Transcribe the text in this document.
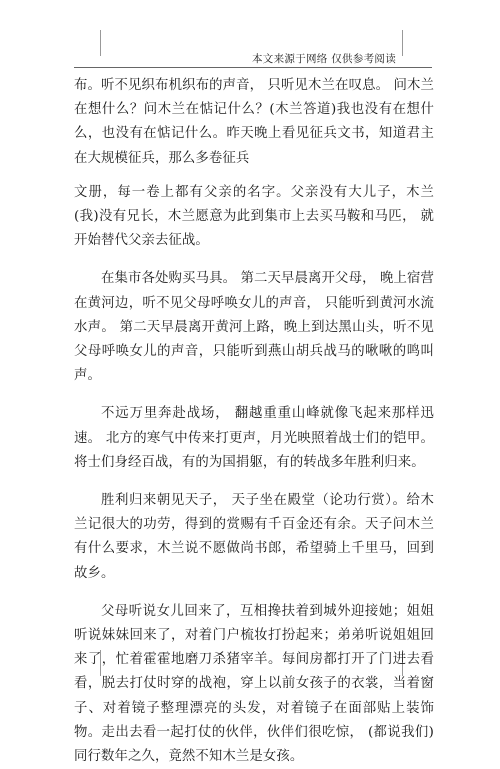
本文来源于网络 仅供参考阅读

布。听不见织布机织布的声音， 只听见木兰在叹息。 问木兰在想什么？问木兰在惦记什么？(木兰答道)我也没有在想什么，也没有在惦记什么。昨天晚上看见征兵文书，知道君主在大规模征兵，那么多卷征兵

文册，每一卷上都有父亲的名字。父亲没有大儿子，木兰(我)没有兄长，木兰愿意为此到集市上去买马鞍和马匹， 就开始替代父亲去征战。

在集市各处购买马具。 第二天早晨离开父母， 晚上宿营在黄河边，听不见父母呼唤女儿的声音， 只能听到黄河水流水声。 第二天早晨离开黄河上路，晚上到达黑山头，听不见父母呼唤女儿的声音，只能听到燕山胡兵战马的啾啾的鸣叫声。

不远万里奔赴战场， 翻越重重山峰就像飞起来那样迅速。 北方的寒气中传来打更声，月光映照着战士们的铠甲。将士们身经百战，有的为国捐躯，有的转战多年胜利归来。

胜利归来朝见天子， 天子坐在殿堂（论功行赏）。给木兰记很大的功劳，得到的赏赐有千百金还有余。天子问木兰有什么要求，木兰说不愿做尚书郎，希望骑上千里马，回到故乡。

父母听说女儿回来了，互相搀扶着到城外迎接她；姐姐听说妹妹回来了，对着门户梳妆打扮起来；弟弟听说姐姐回来了，忙着霍霍地磨刀杀猪宰羊。每间房都打开了门进去看看，脱去打仗时穿的战袍，穿上以前女孩子的衣裳，当着窗子、对着镜子整理漂亮的头发，对着镜子在面部贴上装饰物。走出去看一起打仗的伙伴，伙伴们很吃惊， (都说我们)同行数年之久，竟然不知木兰是女孩。
